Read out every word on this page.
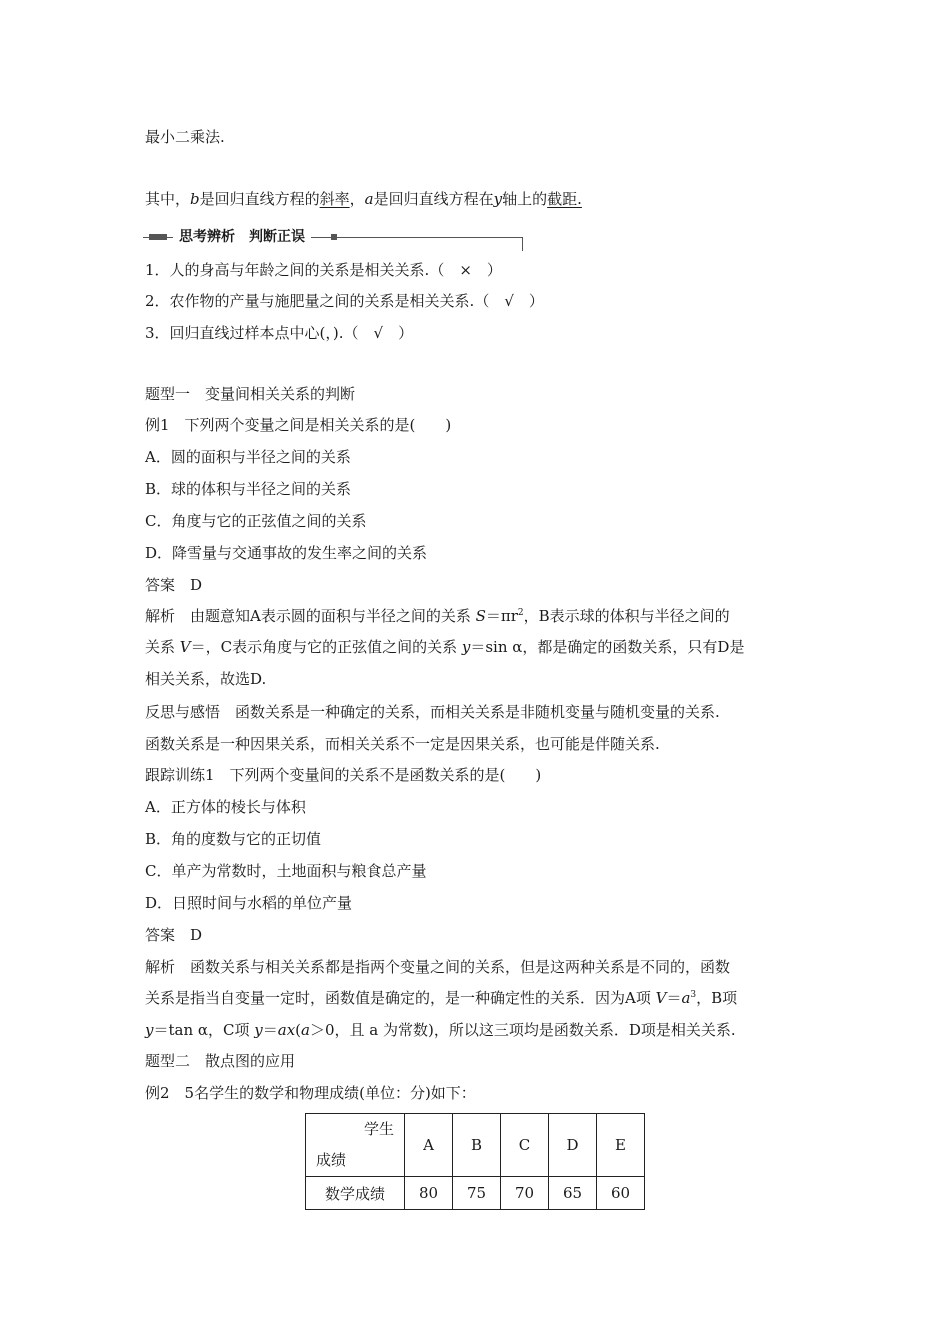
最小二乘法.
其中，b是回归直线方程的斜率，a是回归直线方程在y轴上的截距.
思考辨析　判断正误
1．人的身高与年龄之间的关系是相关关系.（　×　）
2．农作物的产量与施肥量之间的关系是相关关系.（　√　）
3．回归直线过样本点中心(，).（　√　）
题型一　变量间相关关系的判断
例1　下列两个变量之间是相关关系的是(　　)
A．圆的面积与半径之间的关系
B．球的体积与半径之间的关系
C．角度与它的正弦值之间的关系
D．降雪量与交通事故的发生率之间的关系
答案　D
解析　由题意知A表示圆的面积与半径之间的关系 $S=\pi r^2$，B表示球的体积与半径之间的
关系 V＝，C表示角度与它的正弦值之间的关系 y＝sin α，都是确定的函数关系，只有D是
相关关系，故选D.
反思与感悟　函数关系是一种确定的关系，而相关关系是非随机变量与随机变量的关系.
函数关系是一种因果关系，而相关关系不一定是因果关系，也可能是伴随关系.
跟踪训练1　下列两个变量间的关系不是函数关系的是(　　)
A．正方体的棱长与体积
B．角的度数与它的正切值
C．单产为常数时，土地面积与粮食总产量
D．日照时间与水稻的单位产量
答案　D
解析　函数关系与相关关系都是指两个变量之间的关系，但是这两种关系是不同的，函数
关系是指当自变量一定时，函数值是确定的，是一种确定性的关系．因为A项 $V=a^3$，B项
y＝tan α，C项 y＝ax(a＞0，且 a 为常数)，所以这三项均是函数关系．D项是相关关系.
题型二　散点图的应用
例2　5名学生的数学和物理成绩(单位：分)如下：
学生
成绩	A	B	C	D	E
数学成绩	80	75	70	65	60
